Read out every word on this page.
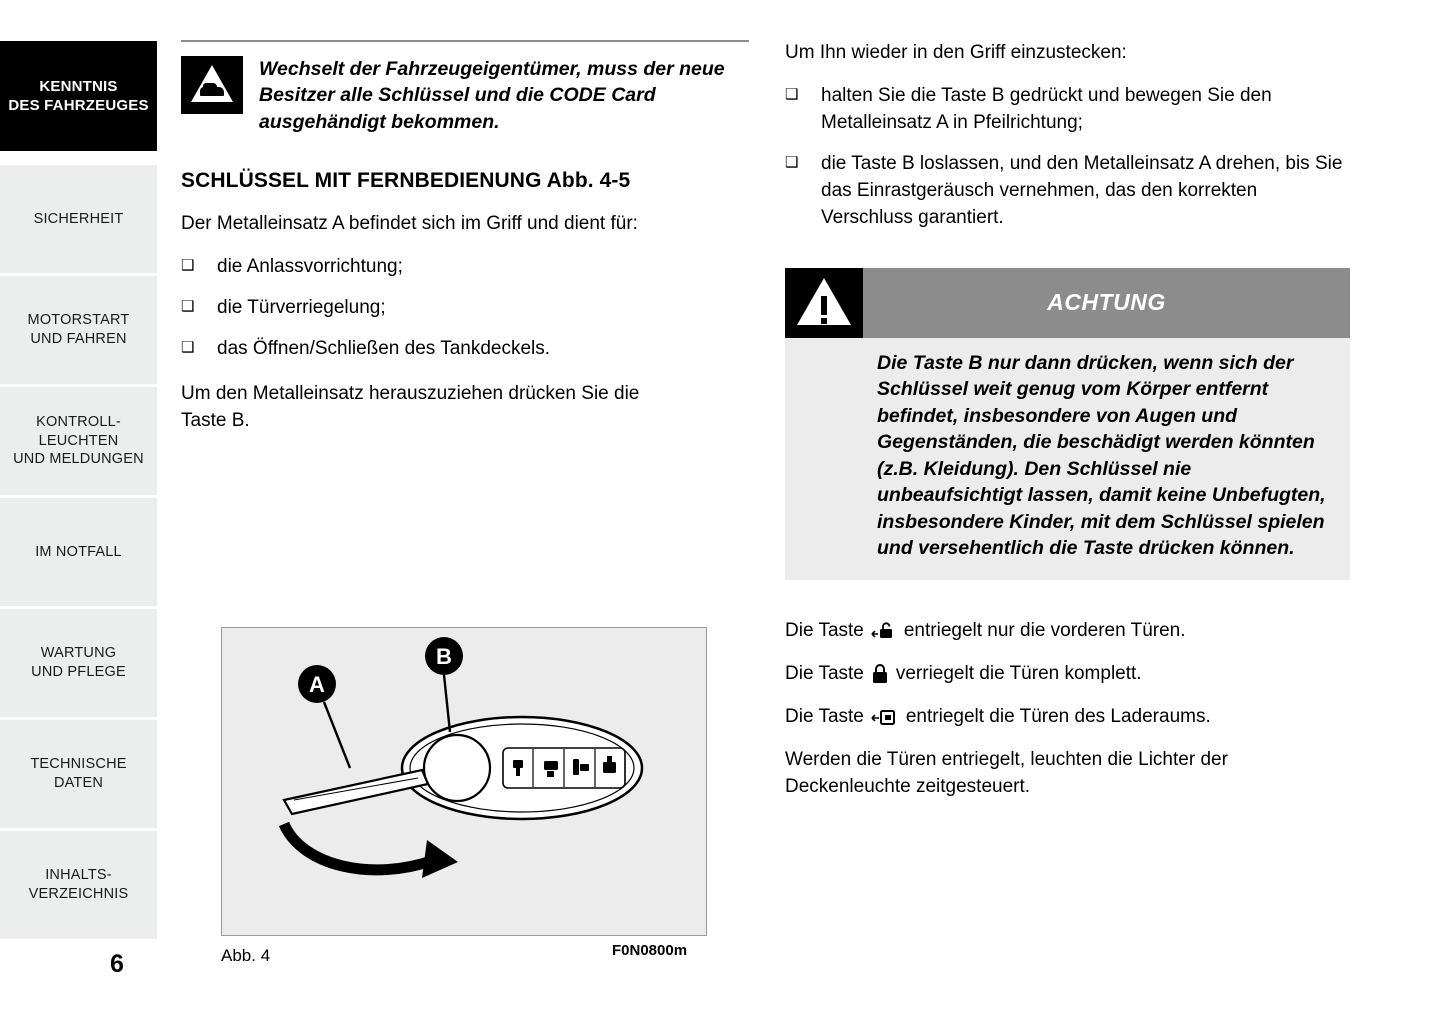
KENNTNIS
DES FAHRZEUGES
SICHERHEIT
MOTORSTART
UND FAHREN
KONTROLL-
LEUCHTEN
UND MELDUNGEN
IM NOTFALL
WARTUNG
UND PFLEGE
TECHNISCHE
DATEN
INHALTS-
VERZEICHNIS
6
Wechselt der Fahrzeugeigentümer, muss der neue Besitzer alle Schlüssel und die CODE Card ausgehändigt bekommen.
SCHLÜSSEL MIT FERNBEDIENUNG Abb. 4-5

Der Metalleinsatz A befindet sich im Griff und dient für:

❑	die Anlassvorrichtung;
❑	die Türverriegelung;
❑	das Öffnen/Schließen des Tankdeckels.

Um den Metalleinsatz herauszuziehen drücken Sie die Taste B.

A
B
Abb. 4	F0N0800m

Um Ihn wieder in den Griff einzustecken:

❑	halten Sie die Taste B gedrückt und bewegen Sie den Metalleinsatz A in Pfeilrichtung;
❑	die Taste B loslassen, und den Metalleinsatz A drehen, bis Sie das Einrastgeräusch vernehmen, das den korrekten Verschluss garantiert.
ACHTUNG
Die Taste B nur dann drücken, wenn sich der Schlüssel weit genug vom Körper entfernt befindet, insbesondere von Augen und Gegenständen, die beschädigt werden könnten (z.B. Kleidung). Den Schlüssel nie unbeaufsichtigt lassen, damit keine Unbefugten, insbesondere Kinder, mit dem Schlüssel spielen und versehentlich die Taste drücken können.
Die Taste entriegelt nur die vorderen Türen.
Die Taste verriegelt die Türen komplett.
Die Taste entriegelt die Türen des Laderaums.

Werden die Türen entriegelt, leuchten die Lichter der Deckenleuchte zeitgesteuert.
